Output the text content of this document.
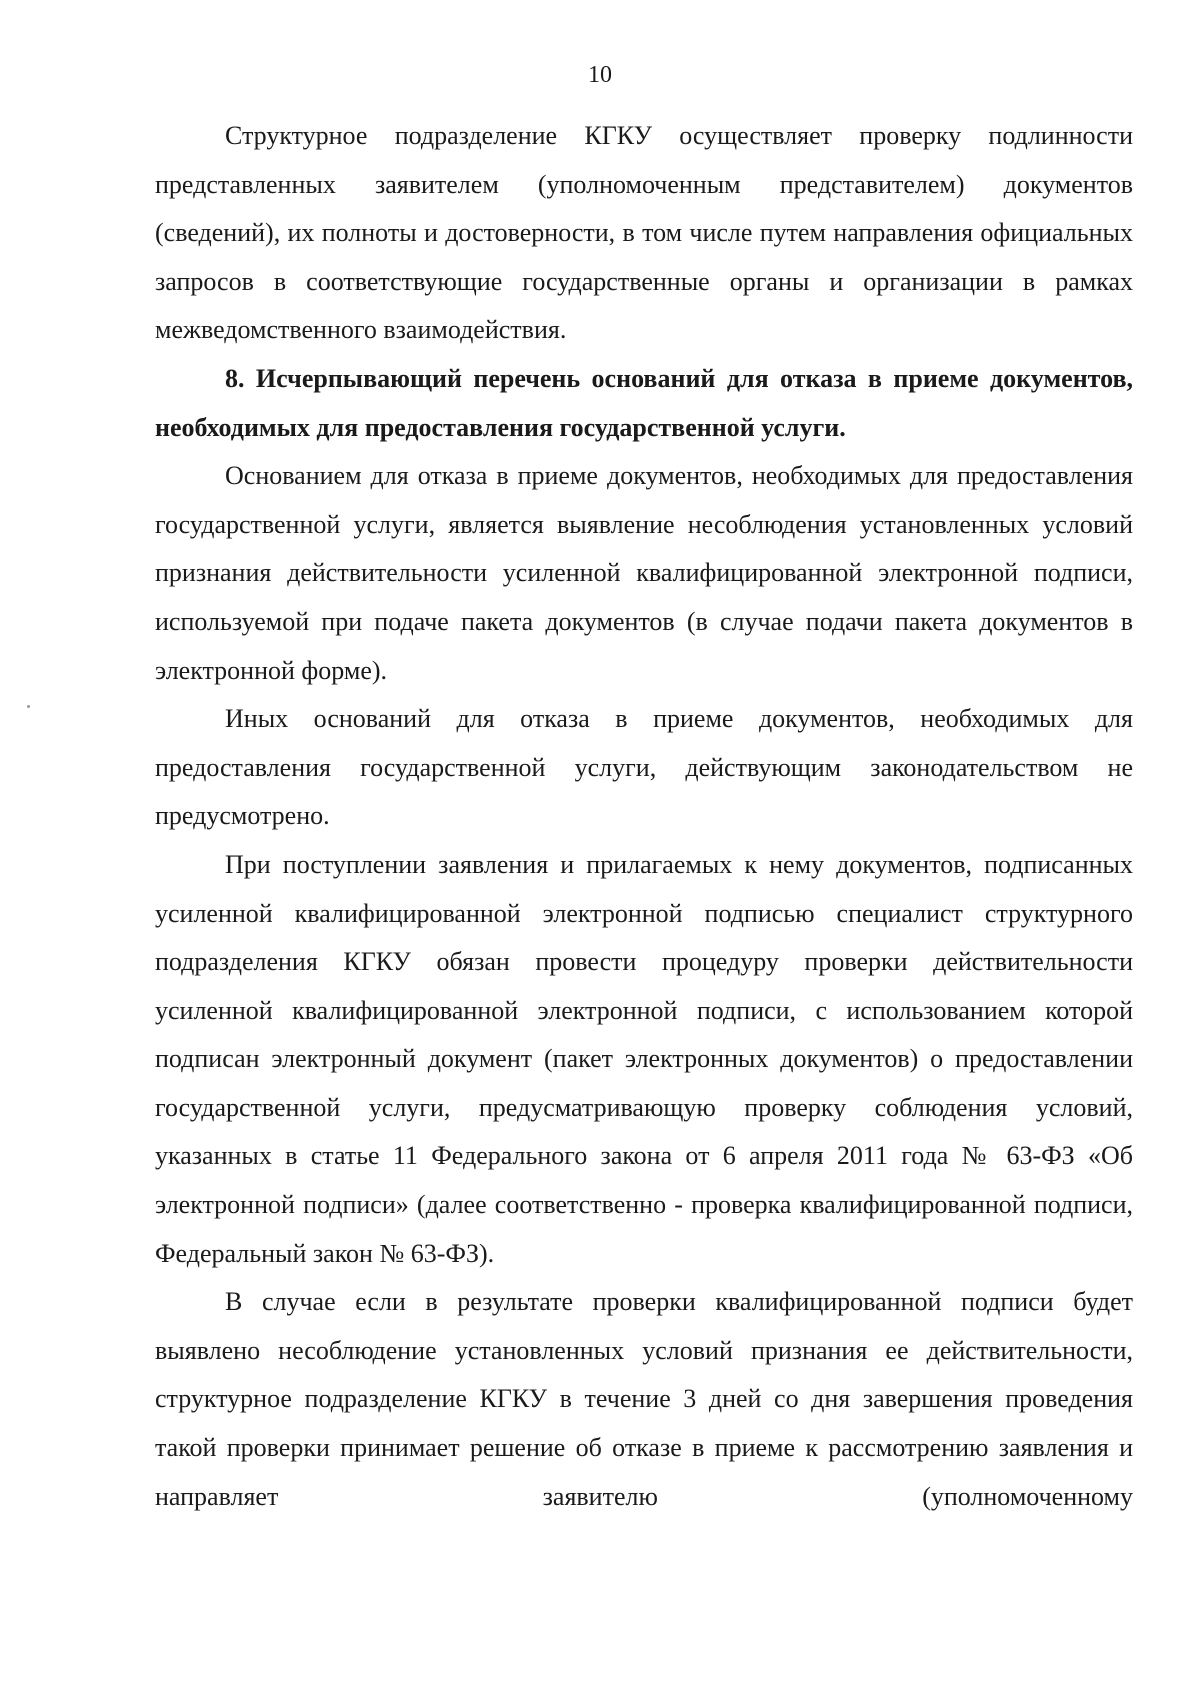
10

Структурное подразделение КГКУ осуществляет проверку подлинности представленных заявителем (уполномоченным представителем) документов (сведений), их полноты и достоверности, в том числе путем направления официальных запросов в соответствующие государственные органы и организации в рамках межведомственного взаимодействия.

8. Исчерпывающий перечень оснований для отказа в приеме документов, необходимых для предоставления государственной услуги.

Основанием для отказа в приеме документов, необходимых для предоставления государственной услуги, является выявление несоблюдения установленных условий признания действительности усиленной квалифицированной электронной подписи, используемой при подаче пакета документов (в случае подачи пакета документов в электронной форме).

Иных оснований для отказа в приеме документов, необходимых для предоставления государственной услуги, действующим законодательством не предусмотрено.

При поступлении заявления и прилагаемых к нему документов, подписанных усиленной квалифицированной электронной подписью специалист структурного подразделения КГКУ обязан провести процедуру проверки действительности усиленной квалифицированной электронной подписи, с использованием которой подписан электронный документ (пакет электронных документов) о предоставлении государственной услуги, предусматривающую проверку соблюдения условий, указанных в статье 11 Федерального закона от 6 апреля 2011 года № 63-ФЗ «Об электронной подписи» (далее соответственно - проверка квалифицированной подписи, Федеральный закон № 63-ФЗ).

В случае если в результате проверки квалифицированной подписи будет выявлено несоблюдение установленных условий признания ее действительности, структурное подразделение КГКУ в течение 3 дней со дня завершения проведения такой проверки принимает решение об отказе в приеме к рассмотрению заявления и направляет заявителю (уполномоченному
